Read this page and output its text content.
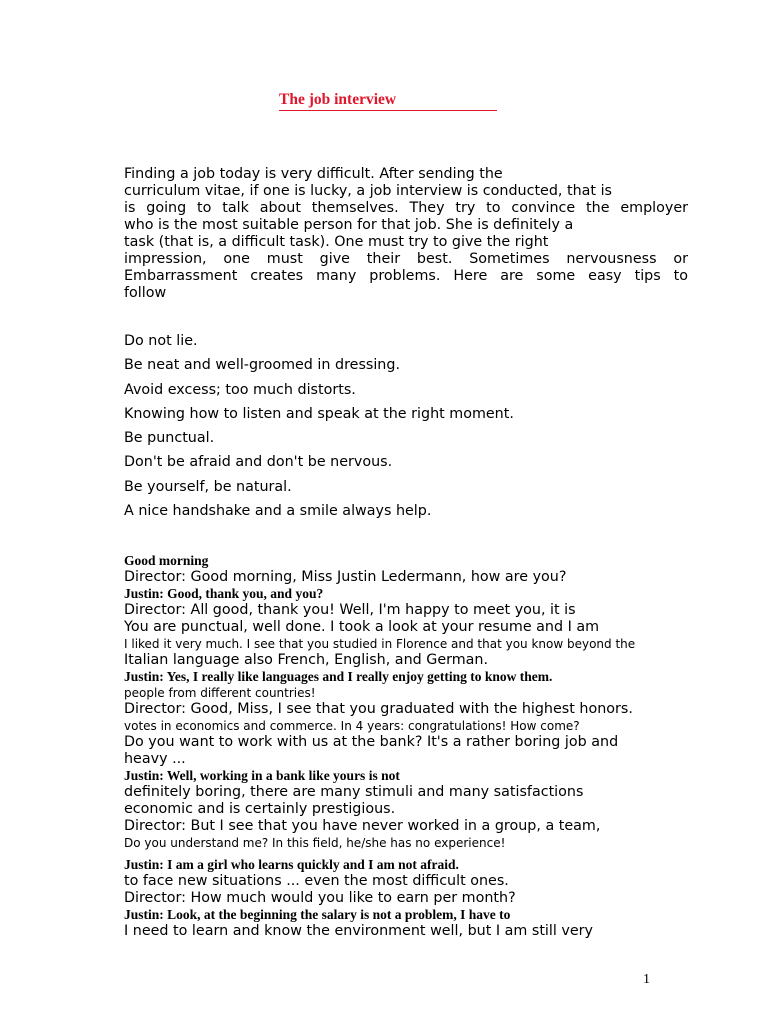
The job interview
Finding a job today is very difficult. After sending the
curriculum vitae, if one is lucky, a job interview is conducted, that is
is going to talk about themselves. They try to convince the employer
who is the most suitable person for that job. She is definitely a
task (that is, a difficult task). One must try to give the right
impression, one must give their best. Sometimes nervousness or
Embarrassment creates many problems. Here are some easy tips to
follow
Do not lie.
Be neat and well-groomed in dressing.
Avoid excess; too much distorts.
Knowing how to listen and speak at the right moment.
Be punctual.
Don't be afraid and don't be nervous.
Be yourself, be natural.
A nice handshake and a smile always help.
Good morning
Director: Good morning, Miss Justin Ledermann, how are you?
Justin: Good, thank you, and you?
Director: All good, thank you! Well, I'm happy to meet you, it is
You are punctual, well done. I took a look at your resume and I am
I liked it very much. I see that you studied in Florence and that you know beyond the
Italian language also French, English, and German.
Justin: Yes, I really like languages and I really enjoy getting to know them.
people from different countries!
Director: Good, Miss, I see that you graduated with the highest honors.
votes in economics and commerce. In 4 years: congratulations! How come?
Do you want to work with us at the bank? It's a rather boring job and
heavy ...
Justin: Well, working in a bank like yours is not
definitely boring, there are many stimuli and many satisfactions
economic and is certainly prestigious.
Director: But I see that you have never worked in a group, a team,
Do you understand me? In this field, he/she has no experience!
Justin: I am a girl who learns quickly and I am not afraid.
to face new situations ... even the most difficult ones.
Director: How much would you like to earn per month?
Justin: Look, at the beginning the salary is not a problem, I have to
I need to learn and know the environment well, but I am still very
1
